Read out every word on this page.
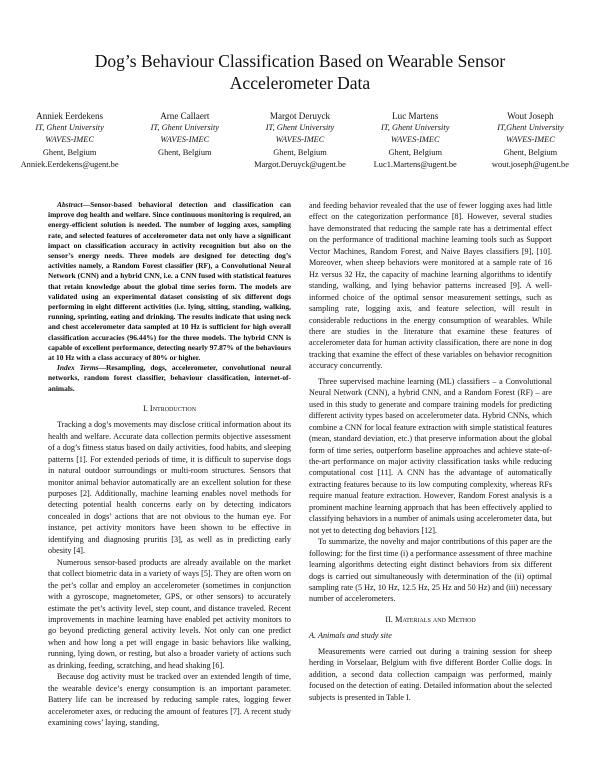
Dog’s Behaviour Classification Based on Wearable Sensor
Accelerometer Data
Anniek Eerdekens
IT, Ghent University
WAVES-IMEC
Ghent, Belgium
Anniek.Eerdekens@ugent.be
Arne Callaert
IT, Ghent University
WAVES-IMEC
Ghent, Belgium
Margot Deruyck
IT, Ghent University
WAVES-IMEC
Ghent, Belgium
Margot.Deruyck@ugent.be
Luc Martens
IT, Ghent University
WAVES-IMEC
Ghent, Belgium
Luc1.Martens@ugent.be
Wout Joseph
IT,Ghent University
WAVES-IMEC
Ghent, Belgium
wout.joseph@ugent.be

Abstract—Sensor-based behavioral detection and classification can improve dog health and welfare. Since continuous monitoring is required, an energy-efficient solution is needed. The number of logging axes, sampling rate, and selected features of accelerometer data not only have a significant impact on classification accuracy in activity recognition but also on the sensor’s energy needs. Three models are designed for detecting dog’s activities namely, a Random Forest classifier (RF), a Convolutional Neural Network (CNN) and a hybrid CNN, i.e. a CNN fused with statistical features that retain knowledge about the global time series form. The models are validated using an experimental dataset consisting of six different dogs performing in eight different activities (i.e. lying, sitting, standing, walking, running, sprinting, eating and drinking. The results indicate that using neck and chest accelerometer data sampled at 10 Hz is sufficient for high overall classification accuracies (96.44%) for the three models. The hybrid CNN is capable of excellent performance, detecting nearly 97.87% of the behaviours at 10 Hz with a class accuracy of 80% or higher.

Index Terms—Resampling, dogs, accelerometer, convolutional neural networks, random forest classifier, behaviour classification, internet-of-animals.

I. Introduction

Tracking a dog’s movements may disclose critical information about its health and welfare. Accurate data collection permits objective assessment of a dog’s fitness status based on daily activities, food habits, and sleeping patterns [1]. For extended periods of time, it is difficult to supervise dogs in natural outdoor surroundings or multi-room structures. Sensors that monitor animal behavior automatically are an excellent solution for these purposes [2]. Additionally, machine learning enables novel methods for detecting potential health concerns early on by detecting indicators concealed in dogs’ actions that are not obvious to the human eye. For instance, pet activity monitors have been shown to be effective in identifying and diagnosing pruritis [3], as well as in predicting early obesity [4].

Numerous sensor-based products are already available on the market that collect biometric data in a variety of ways [5]. They are often worn on the pet’s collar and employ an accelerometer (sometimes in conjunction with a gyroscope, magnetometer, GPS, or other sensors) to accurately estimate the pet’s activity level, step count, and distance traveled. Recent improvements in machine learning have enabled pet activity monitors to go beyond predicting general activity levels. Not only can one predict when and how long a pet will engage in basic behaviors like walking, running, lying down, or resting, but also a broader variety of actions such as drinking, feeding, scratching, and head shaking [6].

Because dog activity must be tracked over an extended length of time, the wearable device’s energy consumption is an important parameter. Battery life can be increased by reducing sample rates, logging fewer accelerometer axes, or reducing the amount of features [7]. A recent study examining cows’ laying, standing,

and feeding behavior revealed that the use of fewer logging axes had little effect on the categorization performance [8]. However, several studies have demonstrated that reducing the sample rate has a detrimental effect on the performance of traditional machine learning tools such as Support Vector Machines, Random Forest, and Naive Bayes classifiers [9], [10]. Moreover, when sheep behaviors were monitored at a sample rate of 16 Hz versus 32 Hz, the capacity of machine learning algorithms to identify standing, walking, and lying behavior patterns increased [9]. A well-informed choice of the optimal sensor measurement settings, such as sampling rate, logging axis, and feature selection, will result in considerable reductions in the energy consumption of wearables. While there are studies in the literature that examine these features of accelerometer data for human activity classification, there are none in dog tracking that examine the effect of these variables on behavior recognition accuracy concurrently.

Three supervised machine learning (ML) classifiers – a Convolutional Neural Network (CNN), a hybrid CNN, and a Random Forest (RF) – are used in this study to generate and compare training models for predicting different activity types based on accelerometer data. Hybrid CNNs, which combine a CNN for local feature extraction with simple statistical features (mean, standard deviation, etc.) that preserve information about the global form of time series, outperform baseline approaches and achieve state-of-the-art performance on major activity classification tasks while reducing computational cost [11]. A CNN has the advantage of automatically extracting features because to its low computing complexity, whereas RFs require manual feature extraction. However, Random Forest analysis is a prominent machine learning approach that has been effectively applied to classifying behaviors in a number of animals using accelerometer data, but not yet to detecting dog behaviors [12].

To summarize, the novelty and major contributions of this paper are the following: for the first time (i) a performance assessment of three machine learning algorithms detecting eight distinct behaviors from six different dogs is carried out simultaneously with determination of the (ii) optimal sampling rate (5 Hz, 10 Hz, 12.5 Hz, 25 Hz and 50 Hz) and (iii) necessary number of accelerometers.

II. Materials and Method
A. Animals and study site

Measurements were carried out during a training session for sheep herding in Vorselaar, Belgium with five different Border Collie dogs. In addition, a second data collection campaign was performed, mainly focused on the detection of eating. Detailed information about the selected subjects is presented in Table I.
